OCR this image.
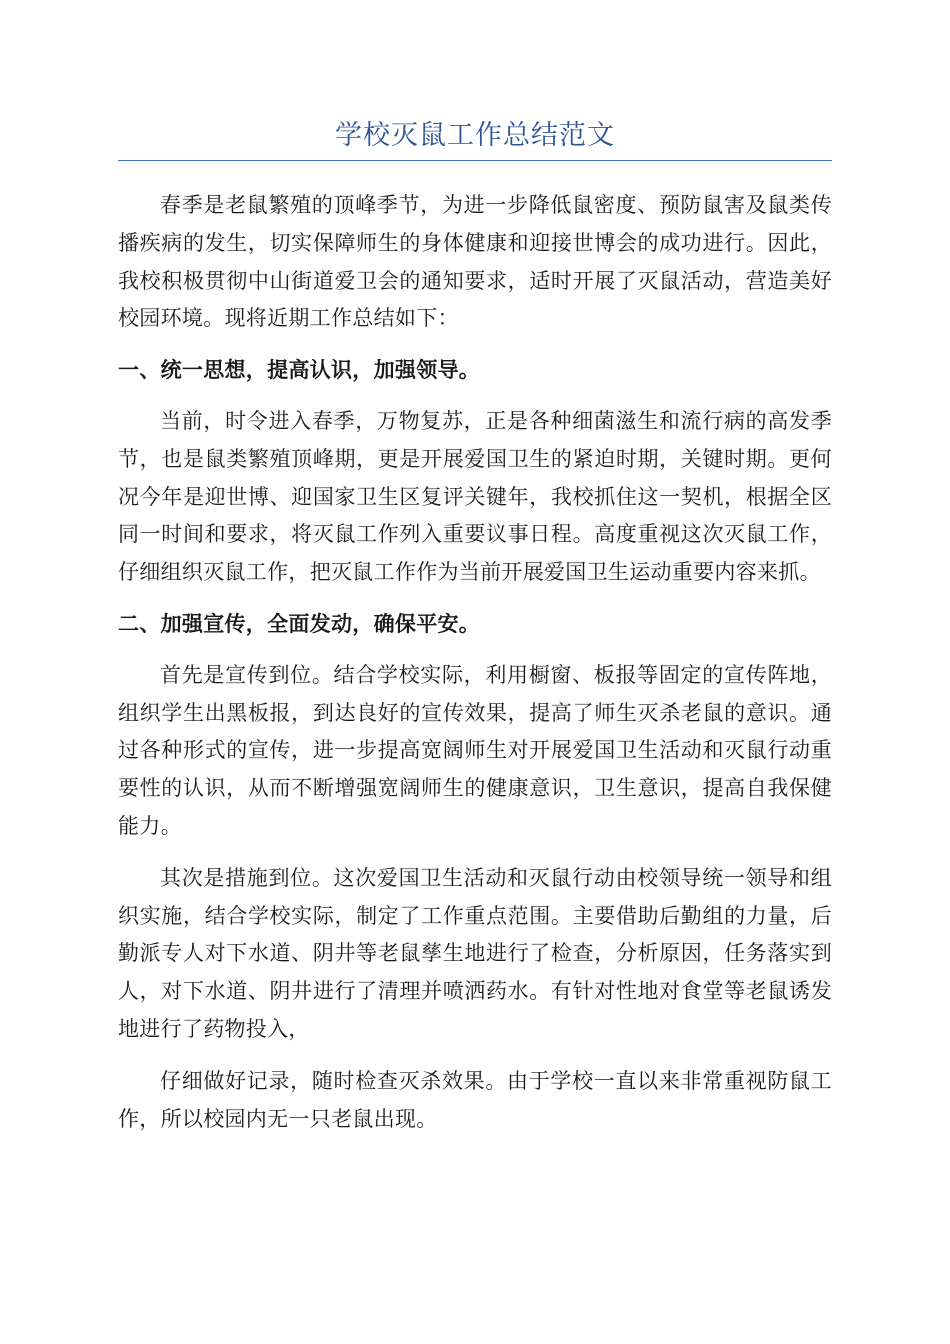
学校灭鼠工作总结范文

春季是老鼠繁殖的顶峰季节，为进一步降低鼠密度、预防鼠害及鼠类传播疾病的发生，切实保障师生的身体健康和迎接世博会的成功进行。因此，我校积极贯彻中山街道爱卫会的通知要求，适时开展了灭鼠活动，营造美好校园环境。现将近期工作总结如下：

一、统一思想，提高认识，加强领导。

当前，时令进入春季，万物复苏，正是各种细菌滋生和流行病的高发季节，也是鼠类繁殖顶峰期，更是开展爱国卫生的紧迫时期，关键时期。更何况今年是迎世博、迎国家卫生区复评关键年，我校抓住这一契机，根据全区同一时间和要求，将灭鼠工作列入重要议事日程。高度重视这次灭鼠工作，仔细组织灭鼠工作，把灭鼠工作作为当前开展爱国卫生运动重要内容来抓。

二、加强宣传，全面发动，确保平安。

首先是宣传到位。结合学校实际，利用橱窗、板报等固定的宣传阵地，组织学生出黑板报，到达良好的宣传效果，提高了师生灭杀老鼠的意识。通过各种形式的宣传，进一步提高宽阔师生对开展爱国卫生活动和灭鼠行动重要性的认识，从而不断增强宽阔师生的健康意识，卫生意识，提高自我保健能力。

其次是措施到位。这次爱国卫生活动和灭鼠行动由校领导统一领导和组织实施，结合学校实际，制定了工作重点范围。主要借助后勤组的力量，后勤派专人对下水道、阴井等老鼠孳生地进行了检查，分析原因，任务落实到人，对下水道、阴井进行了清理并喷洒药水。有针对性地对食堂等老鼠诱发地进行了药物投入，

仔细做好记录，随时检查灭杀效果。由于学校一直以来非常重视防鼠工作，所以校园内无一只老鼠出现。
